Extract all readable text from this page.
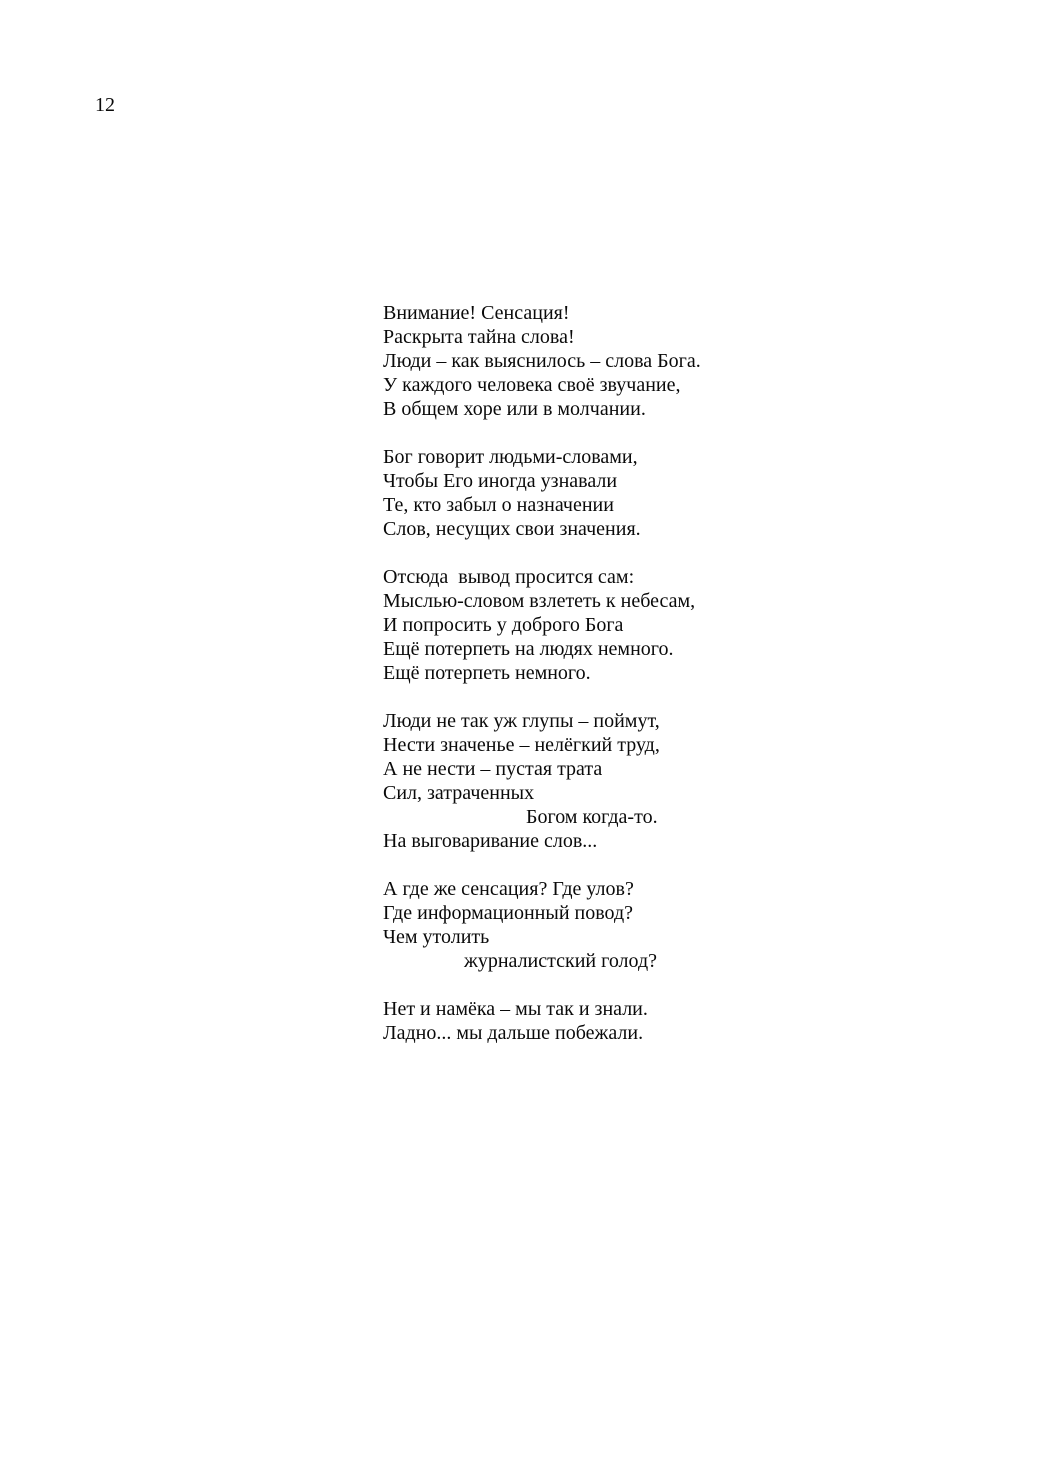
12
Внимание! Сенсация!
Раскрыта тайна слова!
Люди – как выяснилось – слова Бога.
У каждого человека своё звучание,
В общем хоре или в молчании.
Бог говорит людьми-словами,
Чтобы Его иногда узнавали
Те, кто забыл о назначении
Слов, несущих свои значения.
Отсюда  вывод просится сам:
Мыслью-словом взлететь к небесам,
И попросить у доброго Бога
Ещё потерпеть на людях немного.
Ещё потерпеть немного.
Люди не так уж глупы – поймут,
Нести значенье – нелёгкий труд,
А не нести – пустая трата
Сил, затраченных
Богом когда-то.
На выговаривание слов...
А где же сенсация? Где улов?
Где информационный повод?
Чем утолить
журналистский голод?
Нет и намёка – мы так и знали.
Ладно... мы дальше побежали.
